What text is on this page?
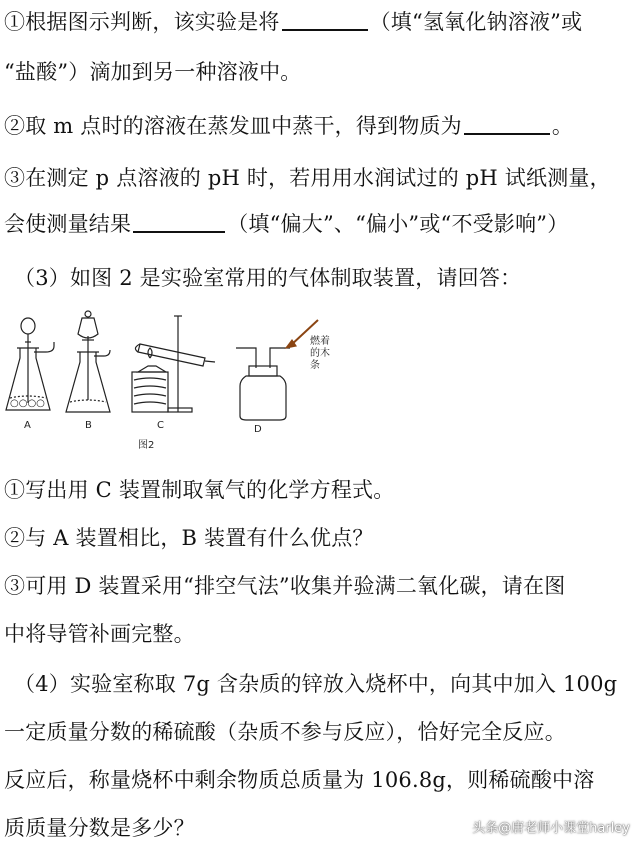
①根据图示判断，该实验是将	（填“氢氧化钠溶液”或
“盐酸”）滴加到另一种溶液中。
②取 m 点时的溶液在蒸发皿中蒸干，得到物质为	。
③在测定 p 点溶液的 pH 时，若用用水润试过的 pH 试纸测量，
会使测量结果	（填“偏大”、“偏小”或“不受影响”）
（3）如图 2 是实验室常用的气体制取装置，请回答：
○○○○
A	B	C
图2
D
燃着
的木
条
①写出用 C 装置制取氧气的化学方程式。
②与 A 装置相比，B 装置有什么优点？
③可用 D 装置采用“排空气法”收集并验满二氧化碳，请在图
中将导管补画完整。
（4）实验室称取 7g 含杂质的锌放入烧杯中，向其中加入 100g
一定质量分数的稀硫酸（杂质不参与反应），恰好完全反应。
反应后，称量烧杯中剩余物质总质量为 106.8g，则稀硫酸中溶
质质量分数是多少？	头条@唐老师小课堂harley
